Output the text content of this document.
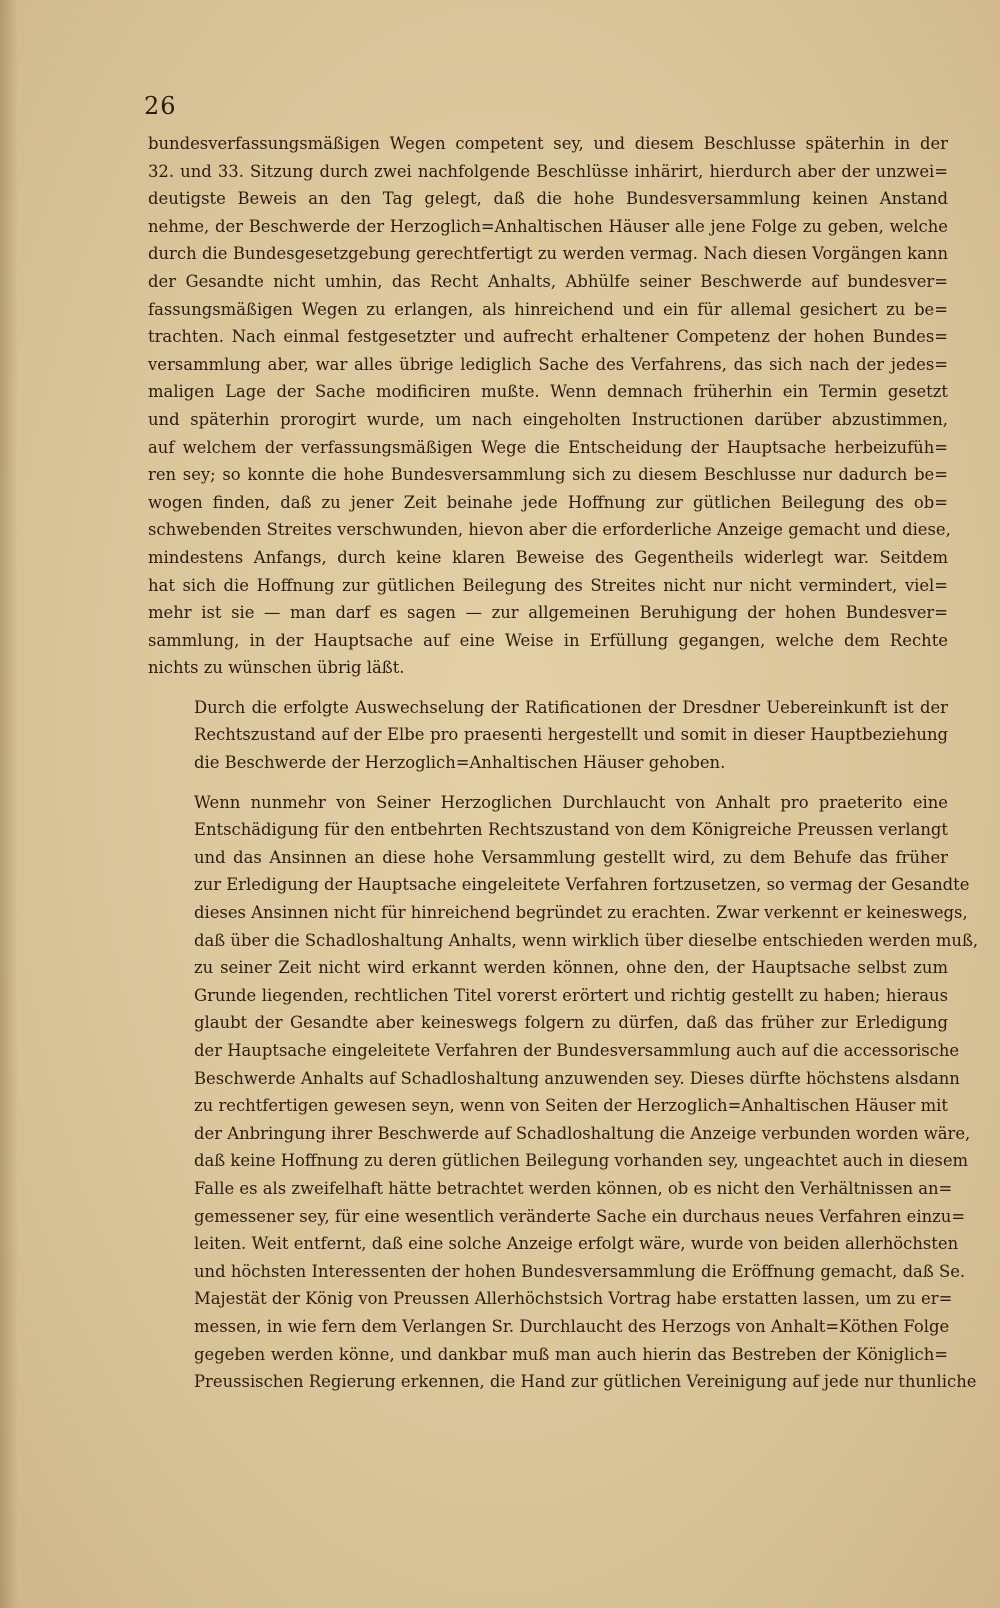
26

bundesverfassungsmäßigen Wegen competent sey, und diesem Beschlusse späterhin in der
32. und 33. Sitzung durch zwei nachfolgende Beschlüsse inhärirt, hierdurch aber der unzwei=
deutigste Beweis an den Tag gelegt, daß die hohe Bundesversammlung keinen Anstand
nehme, der Beschwerde der Herzoglich=Anhaltischen Häuser alle jene Folge zu geben, welche
durch die Bundesgesetzgebung gerechtfertigt zu werden vermag. Nach diesen Vorgängen kann
der Gesandte nicht umhin, das Recht Anhalts, Abhülfe seiner Beschwerde auf bundesver=
fassungsmäßigen Wegen zu erlangen, als hinreichend und ein für allemal gesichert zu be=
trachten. Nach einmal festgesetzter und aufrecht erhaltener Competenz der hohen Bundes=
versammlung aber, war alles übrige lediglich Sache des Verfahrens, das sich nach der jedes=
maligen Lage der Sache modificiren mußte. Wenn demnach früherhin ein Termin gesetzt
und späterhin prorogirt wurde, um nach eingeholten Instructionen darüber abzustimmen,
auf welchem der verfassungsmäßigen Wege die Entscheidung der Hauptsache herbeizufüh=
ren sey; so konnte die hohe Bundesversammlung sich zu diesem Beschlusse nur dadurch be=
wogen finden, daß zu jener Zeit beinahe jede Hoffnung zur gütlichen Beilegung des ob=
schwebenden Streites verschwunden, hievon aber die erforderliche Anzeige gemacht und diese,
mindestens Anfangs, durch keine klaren Beweise des Gegentheils widerlegt war. Seitdem
hat sich die Hoffnung zur gütlichen Beilegung des Streites nicht nur nicht vermindert, viel=
mehr ist sie — man darf es sagen — zur allgemeinen Beruhigung der hohen Bundesver=
sammlung, in der Hauptsache auf eine Weise in Erfüllung gegangen, welche dem Rechte
nichts zu wünschen übrig läßt.

Durch die erfolgte Auswechselung der Ratificationen der Dresdner Uebereinkunft ist der
Rechtszustand auf der Elbe pro praesenti hergestellt und somit in dieser Hauptbeziehung
die Beschwerde der Herzoglich=Anhaltischen Häuser gehoben.

Wenn nunmehr von Seiner Herzoglichen Durchlaucht von Anhalt pro praeterito eine
Entschädigung für den entbehrten Rechtszustand von dem Königreiche Preussen verlangt
und das Ansinnen an diese hohe Versammlung gestellt wird, zu dem Behufe das früher
zur Erledigung der Hauptsache eingeleitete Verfahren fortzusetzen, so vermag der Gesandte
dieses Ansinnen nicht für hinreichend begründet zu erachten. Zwar verkennt er keineswegs,
daß über die Schadloshaltung Anhalts, wenn wirklich über dieselbe entschieden werden muß,
zu seiner Zeit nicht wird erkannt werden können, ohne den, der Hauptsache selbst zum
Grunde liegenden, rechtlichen Titel vorerst erörtert und richtig gestellt zu haben; hieraus
glaubt der Gesandte aber keineswegs folgern zu dürfen, daß das früher zur Erledigung
der Hauptsache eingeleitete Verfahren der Bundesversammlung auch auf die accessorische
Beschwerde Anhalts auf Schadloshaltung anzuwenden sey. Dieses dürfte höchstens alsdann
zu rechtfertigen gewesen seyn, wenn von Seiten der Herzoglich=Anhaltischen Häuser mit
der Anbringung ihrer Beschwerde auf Schadloshaltung die Anzeige verbunden worden wäre,
daß keine Hoffnung zu deren gütlichen Beilegung vorhanden sey, ungeachtet auch in diesem
Falle es als zweifelhaft hätte betrachtet werden können, ob es nicht den Verhältnissen an=
gemessener sey, für eine wesentlich veränderte Sache ein durchaus neues Verfahren einzu=
leiten. Weit entfernt, daß eine solche Anzeige erfolgt wäre, wurde von beiden allerhöchsten
und höchsten Interessenten der hohen Bundesversammlung die Eröffnung gemacht, daß Se.
Majestät der König von Preussen Allerhöchstsich Vortrag habe erstatten lassen, um zu er=
messen, in wie fern dem Verlangen Sr. Durchlaucht des Herzogs von Anhalt=Köthen Folge
gegeben werden könne, und dankbar muß man auch hierin das Bestreben der Königlich=
Preussischen Regierung erkennen, die Hand zur gütlichen Vereinigung auf jede nur thunliche
